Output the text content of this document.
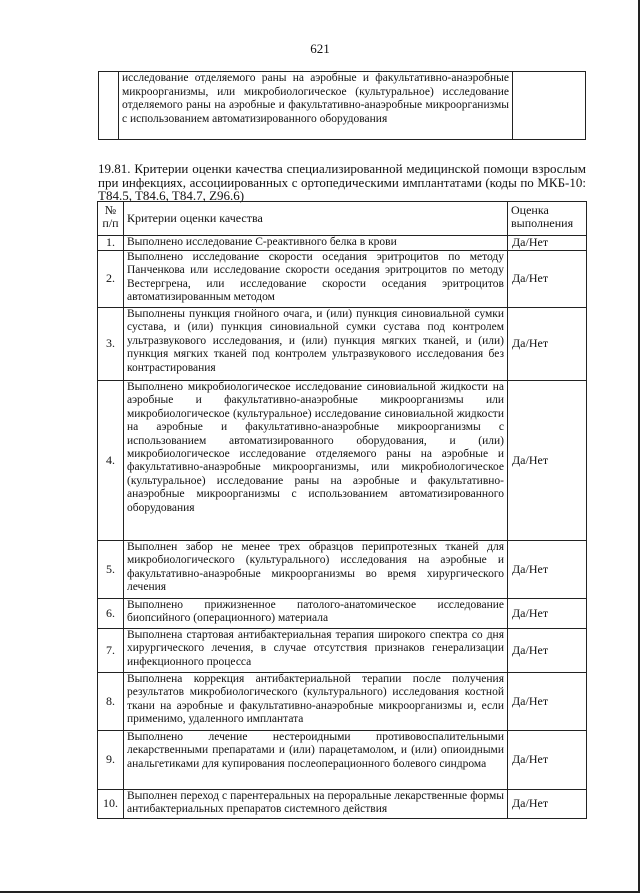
621
	исследование отделяемого раны на аэробные и факультативно-анаэробные микроорганизмы, или микробиологическое (культуральное) исследование отделяемого раны на аэробные и факультативно-анаэробные микроорганизмы с использованием автоматизированного оборудования	
19.81. Критерии оценки качества специализированной медицинской помощи взрослым при инфекциях, ассоциированных с ортопедическими имплантатами (коды по МКБ-10: T84.5, T84.6, T84.7, Z96.6)
№ п/п	Критерии оценки качества	Оценка выполнения
1.	Выполнено исследование С-реактивного белка в крови	Да/Нет
2.	Выполнено исследование скорости оседания эритроцитов по методу Панченкова или исследование скорости оседания эритроцитов по методу Вестергрена, или исследование скорости оседания эритроцитов автоматизированным методом	Да/Нет
3.	Выполнены пункция гнойного очага, и (или) пункция синовиальной сумки сустава, и (или) пункция синовиальной сумки сустава под контролем ультразвукового исследования, и (или) пункция мягких тканей, и (или) пункция мягких тканей под контролем ультразвукового исследования без контрастирования	Да/Нет
4.	Выполнено микробиологическое исследование синовиальной жидкости на аэробные и факультативно-анаэробные микроорганизмы или микробиологическое (культуральное) исследование синовиальной жидкости на аэробные и факультативно-анаэробные микроорганизмы с использованием автоматизированного оборудования, и (или) микробиологическое исследование отделяемого раны на аэробные и факультативно-анаэробные микроорганизмы, или микробиологическое (культуральное) исследование раны на аэробные и факультативно-анаэробные микроорганизмы с использованием автоматизированного оборудования	Да/Нет
5.	Выполнен забор не менее трех образцов перипротезных тканей для микробиологического (культурального) исследования на аэробные и факультативно-анаэробные микроорганизмы во время хирургического лечения	Да/Нет
6.	Выполнено прижизненное патолого-анатомическое исследование биопсийного (операционного) материала	Да/Нет
7.	Выполнена стартовая антибактериальная терапия широкого спектра со дня хирургического лечения, в случае отсутствия признаков генерализации инфекционного процесса	Да/Нет
8.	Выполнена коррекция антибактериальной терапии после получения результатов микробиологического (культурального) исследования костной ткани на аэробные и факультативно-анаэробные микроорганизмы и, если применимо, удаленного имплантата	Да/Нет
9.	Выполнено лечение нестероидными противовоспалительными лекарственными препаратами и (или) парацетамолом, и (или) опиоидными анальгетиками для купирования послеоперационного болевого синдрома	Да/Нет
10.	Выполнен переход с парентеральных на пероральные лекарственные формы антибактериальных препаратов системного действия	Да/Нет
